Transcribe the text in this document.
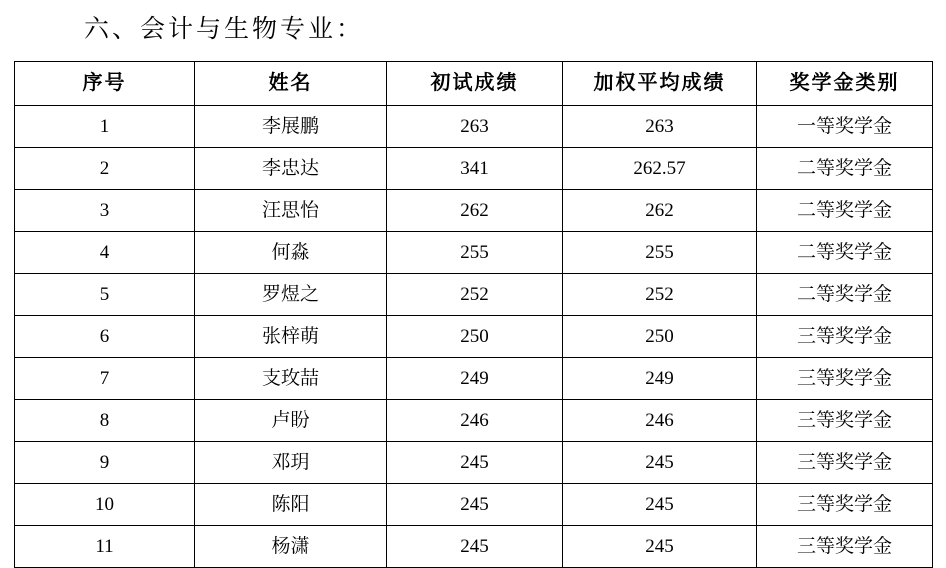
六、会计与生物专业：
序号	姓名	初试成绩	加权平均成绩	奖学金类别
1	李展鹏	263	263	一等奖学金
2	李忠达	341	262.57	二等奖学金
3	汪思怡	262	262	二等奖学金
4	何淼	255	255	二等奖学金
5	罗煜之	252	252	二等奖学金
6	张梓萌	250	250	三等奖学金
7	支玫喆	249	249	三等奖学金
8	卢盼	246	246	三等奖学金
9	邓玥	245	245	三等奖学金
10	陈阳	245	245	三等奖学金
11	杨潇	245	245	三等奖学金
